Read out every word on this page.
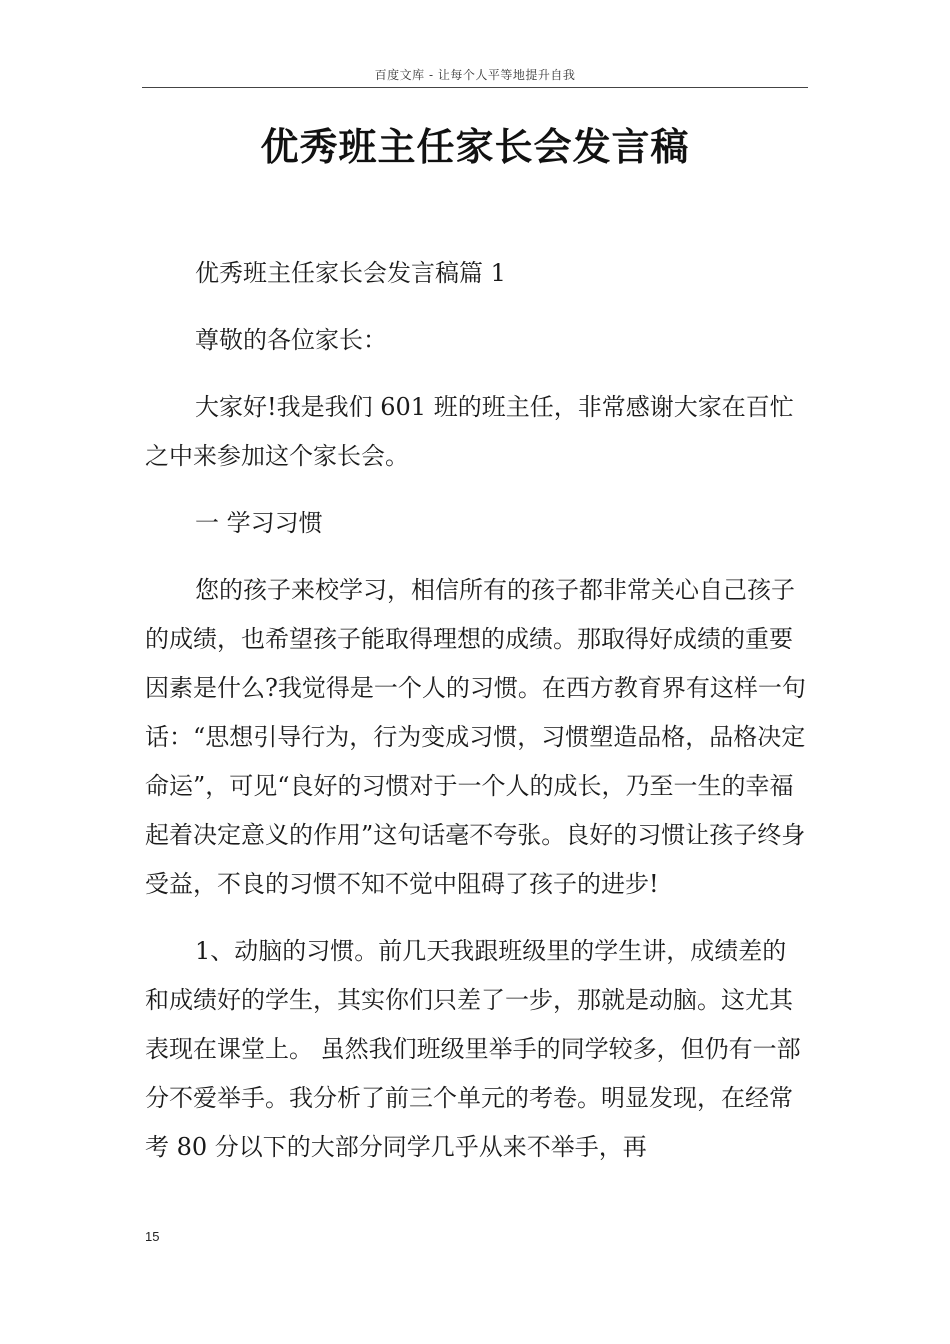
百度文库 - 让每个人平等地提升自我
优秀班主任家长会发言稿

优秀班主任家长会发言稿篇 1

尊敬的各位家长：

大家好!我是我们 601 班的班主任，非常感谢大家在百忙之中来参加这个家长会。

一 学习习惯

您的孩子来校学习，相信所有的孩子都非常关心自己孩子的成绩，也希望孩子能取得理想的成绩。那取得好成绩的重要因素是什么?我觉得是一个人的习惯。在西方教育界有这样一句话：“思想引导行为，行为变成习惯，习惯塑造品格，品格决定命运”，可见“良好的习惯对于一个人的成长，乃至一生的幸福起着决定意义的作用”这句话毫不夸张。良好的习惯让孩子终身受益，不良的习惯不知不觉中阻碍了孩子的进步!

1、动脑的习惯。前几天我跟班级里的学生讲，成绩差的和成绩好的学生，其实你们只差了一步，那就是动脑。这尤其表现在课堂上。 虽然我们班级里举手的同学较多，但仍有一部分不爱举手。我分析了前三个单元的考卷。明显发现，在经常考 80 分以下的大部分同学几乎从来不举手，再

15
